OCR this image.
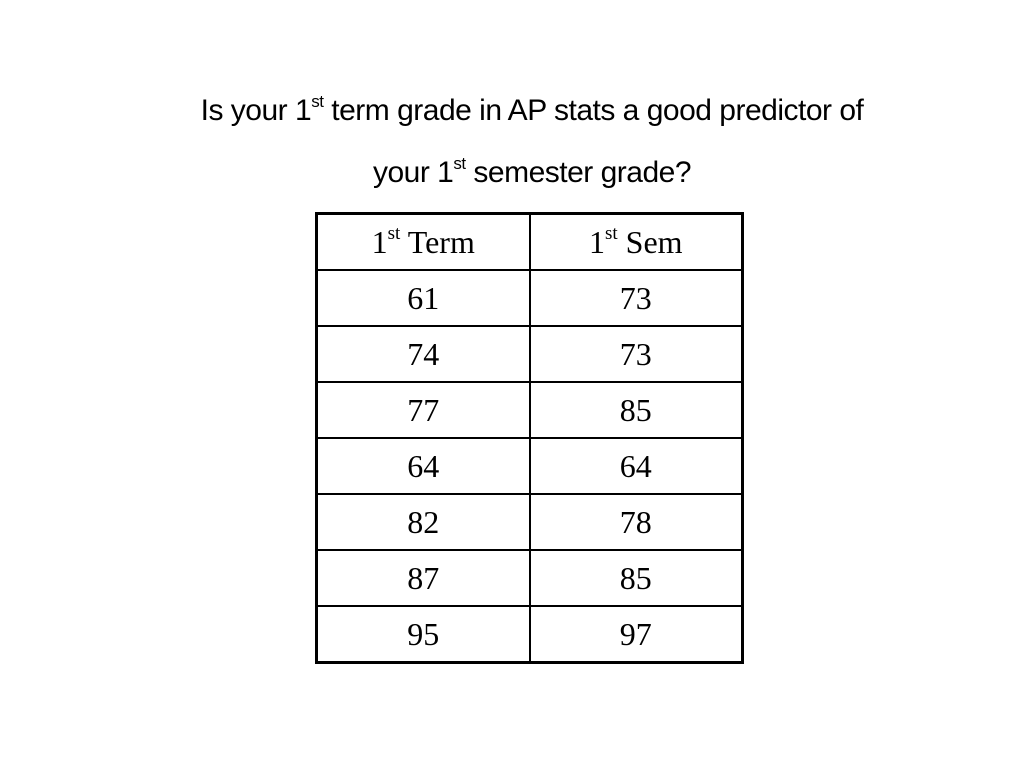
Is your 1st term grade in AP stats a good predictor of
your 1st semester grade?
1st Term	1st Sem
61	73
74	73
77	85
64	64
82	78
87	85
95	97
